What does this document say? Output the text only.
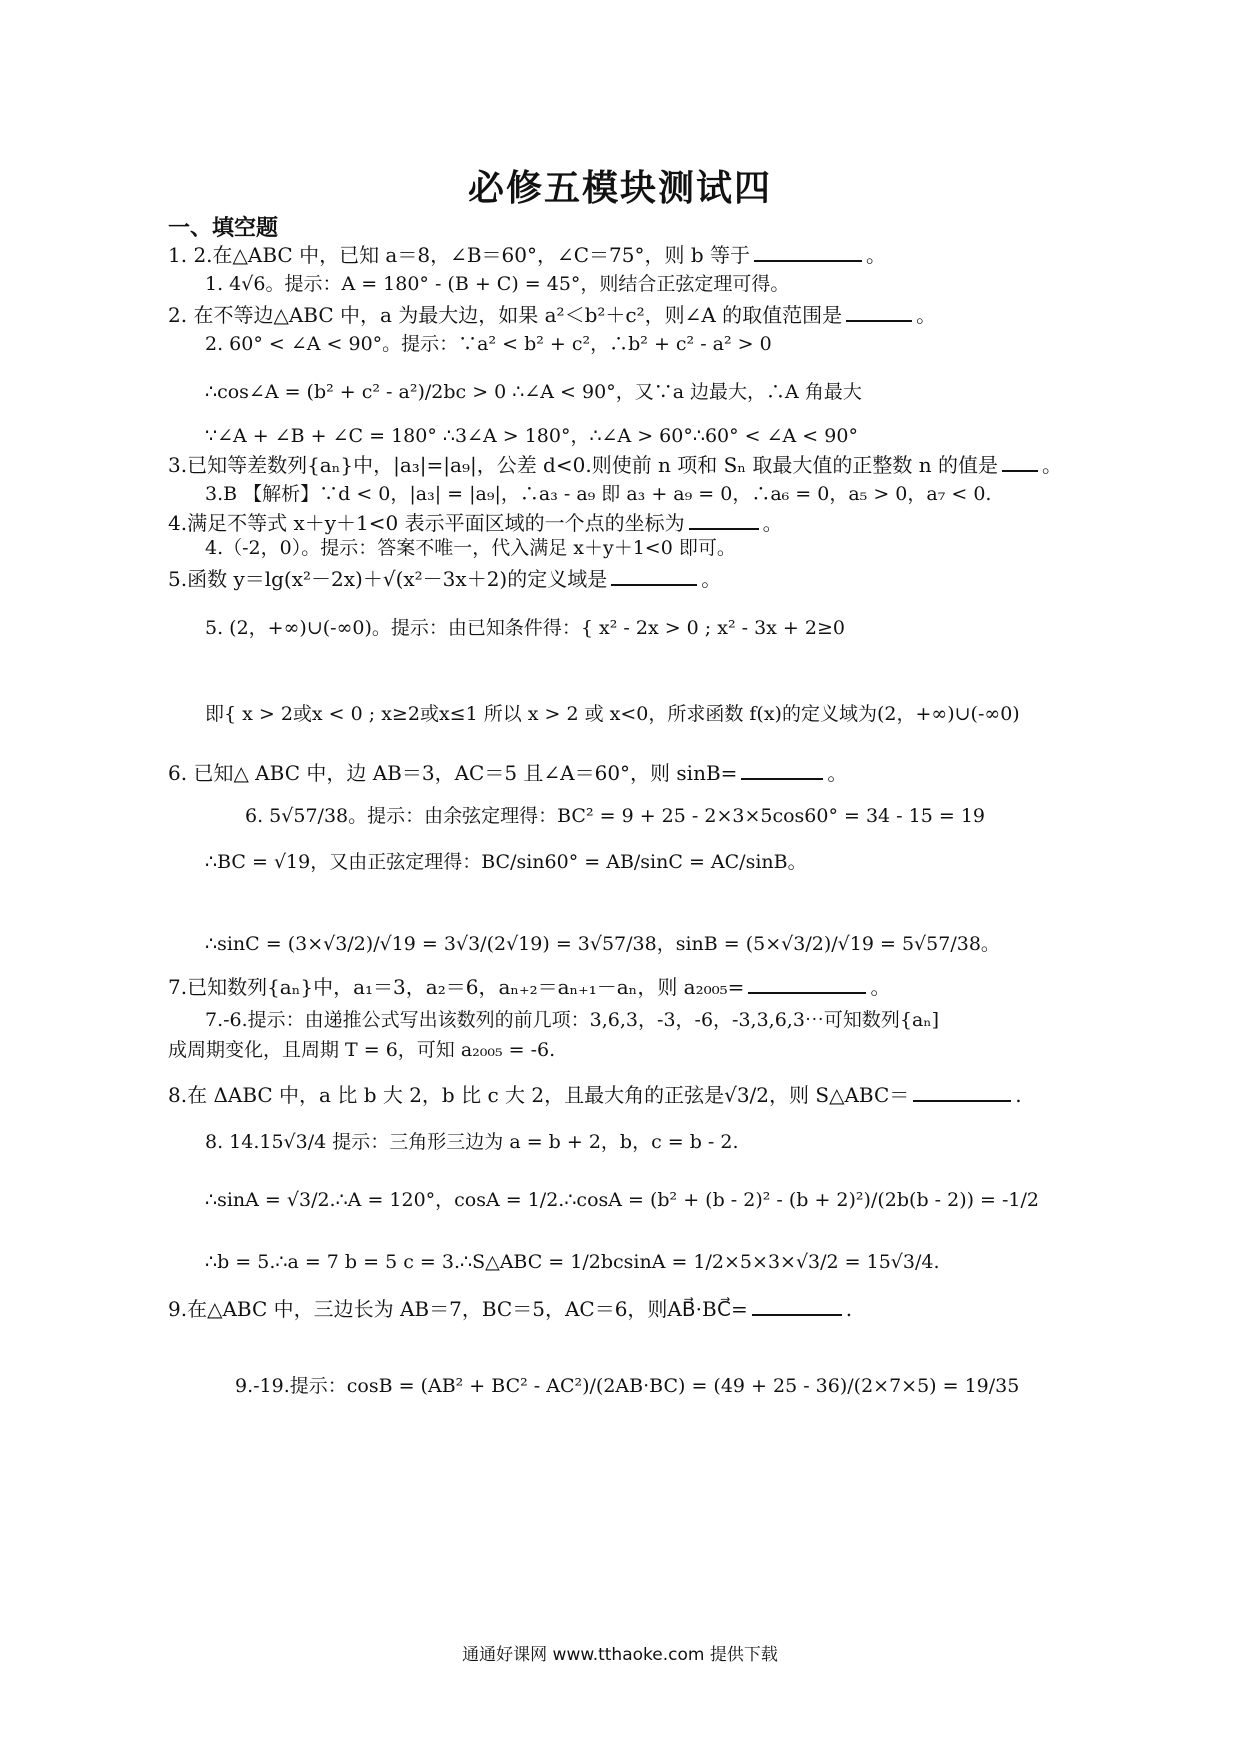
必修五模块测试四
一、填空题
1. 2.在△ABC 中，已知 a＝8，∠B＝60°，∠C＝75°，则 b 等于	。
1. 4√6。提示：A = 180° - (B + C) = 45°，则结合正弦定理可得。
2. 在不等边△ABC 中，a 为最大边，如果 a²＜b²＋c²，则∠A 的取值范围是	。
2. 60° < ∠A < 90°。提示：∵a² < b² + c²，∴b² + c² - a² > 0
∴cos∠A = (b² + c² - a²)/2bc > 0 ∴∠A < 90°，又∵a 边最大，∴A 角最大
∵∠A + ∠B + ∠C = 180° ∴3∠A > 180°，∴∠A > 60°∴60° < ∠A < 90°
3.已知等差数列{aₙ}中，|a₃|=|a₉|，公差 d<0.则使前 n 项和 Sₙ 取最大值的正整数 n 的值是 。
3.B 【解析】∵d < 0，|a₃| = |a₉|，∴a₃ - a₉ 即 a₃ + a₉ = 0，∴a₆ = 0，a₅ > 0，a₇ < 0.
4.满足不等式 x＋y＋1<0 表示平面区域的一个点的坐标为	。
4.（-2，0）。提示：答案不唯一，代入满足 x＋y＋1<0 即可。
5.函数 y＝lg(x²－2x)＋√(x²－3x＋2)的定义域是	。
5. (2，+∞)∪(-∞0)。提示：由已知条件得：{ x² - 2x > 0 ; x² - 3x + 2≥0
即{ x > 2或x < 0 ; x≥2或x≤1 所以 x > 2 或 x<0，所求函数 f(x)的定义域为(2，+∞)∪(-∞0)
6. 已知△ ABC 中，边 AB＝3，AC＝5 且∠A＝60°，则 sinB=	。
6. 5√57/38。提示：由余弦定理得：BC² = 9 + 25 - 2×3×5cos60° = 34 - 15 = 19
∴BC = √19，又由正弦定理得：BC/sin60° = AB/sinC = AC/sinB。
∴sinC = (3×√3/2)/√19 = 3√3/(2√19) = 3√57/38，sinB = (5×√3/2)/√19 = 5√57/38。
7.已知数列{aₙ}中，a₁＝3，a₂＝6，aₙ₊₂＝aₙ₊₁－aₙ，则 a₂₀₀₅=	。
7.-6.提示：由递推公式写出该数列的前几项：3,6,3，-3，-6，-3,3,6,3⋯可知数列{aₙ]
成周期变化，且周期 T = 6，可知 a₂₀₀₅ = -6.
8.在 ΔABC 中，a 比 b 大 2，b 比 c 大 2，且最大角的正弦是√3/2，则 S△ABC＝	.
8. 14.15√3/4 提示：三角形三边为 a = b + 2，b，c = b - 2.
∴sinA = √3/2.∴A = 120°，cosA = 1/2.∴cosA = (b² + (b - 2)² - (b + 2)²)/(2b(b - 2)) = -1/2
∴b = 5.∴a = 7 b = 5 c = 3.∴S△ABC = 1/2bcsinA = 1/2×5×3×√3/2 = 15√3/4.
9.在△ABC 中，三边长为 AB＝7，BC＝5，AC＝6，则AB⃗·BC⃗=	.
9.-19.提示：cosB = (AB² + BC² - AC²)/(2AB·BC) = (49 + 25 - 36)/(2×7×5) = 19/35
通通好课网 www.tthaoke.com 提供下载
